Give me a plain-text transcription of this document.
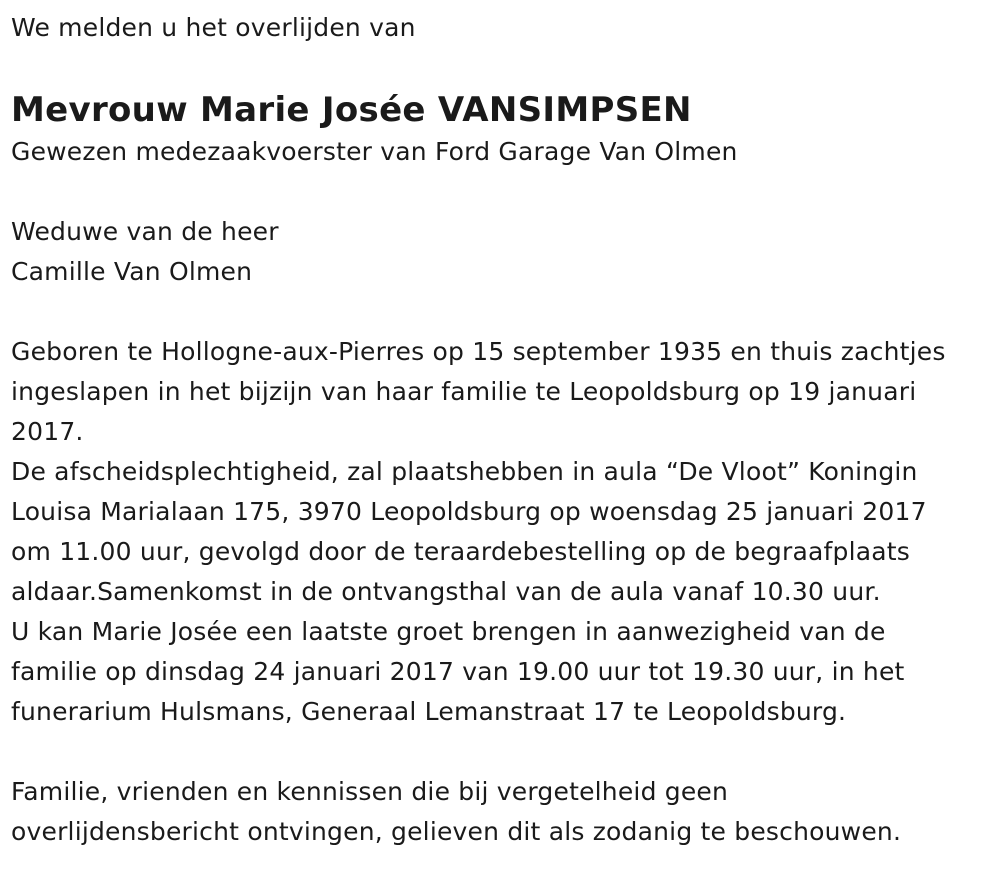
We melden u het overlijden van

Mevrouw Marie Josée VANSIMPSEN

Gewezen medezaakvoerster van Ford Garage Van Olmen

Weduwe van de heer

Camille Van Olmen

Geboren te Hollogne-aux-Pierres op 15 september 1935 en thuis zachtjes

ingeslapen in het bijzijn van haar familie te Leopoldsburg op 19 januari

2017.

De afscheidsplechtigheid, zal plaatshebben in aula “De Vloot” Koningin

Louisa Marialaan 175, 3970 Leopoldsburg op woensdag 25 januari 2017

om 11.00 uur, gevolgd door de teraardebestelling op de begraafplaats

aldaar.Samenkomst in de ontvangsthal van de aula vanaf 10.30 uur.

U kan Marie Josée een laatste groet brengen in aanwezigheid van de

familie op dinsdag 24 januari 2017 van 19.00 uur tot 19.30 uur, in het

funerarium Hulsmans, Generaal Lemanstraat 17 te Leopoldsburg.

Familie, vrienden en kennissen die bij vergetelheid geen

overlijdensbericht ontvingen, gelieven dit als zodanig te beschouwen.
